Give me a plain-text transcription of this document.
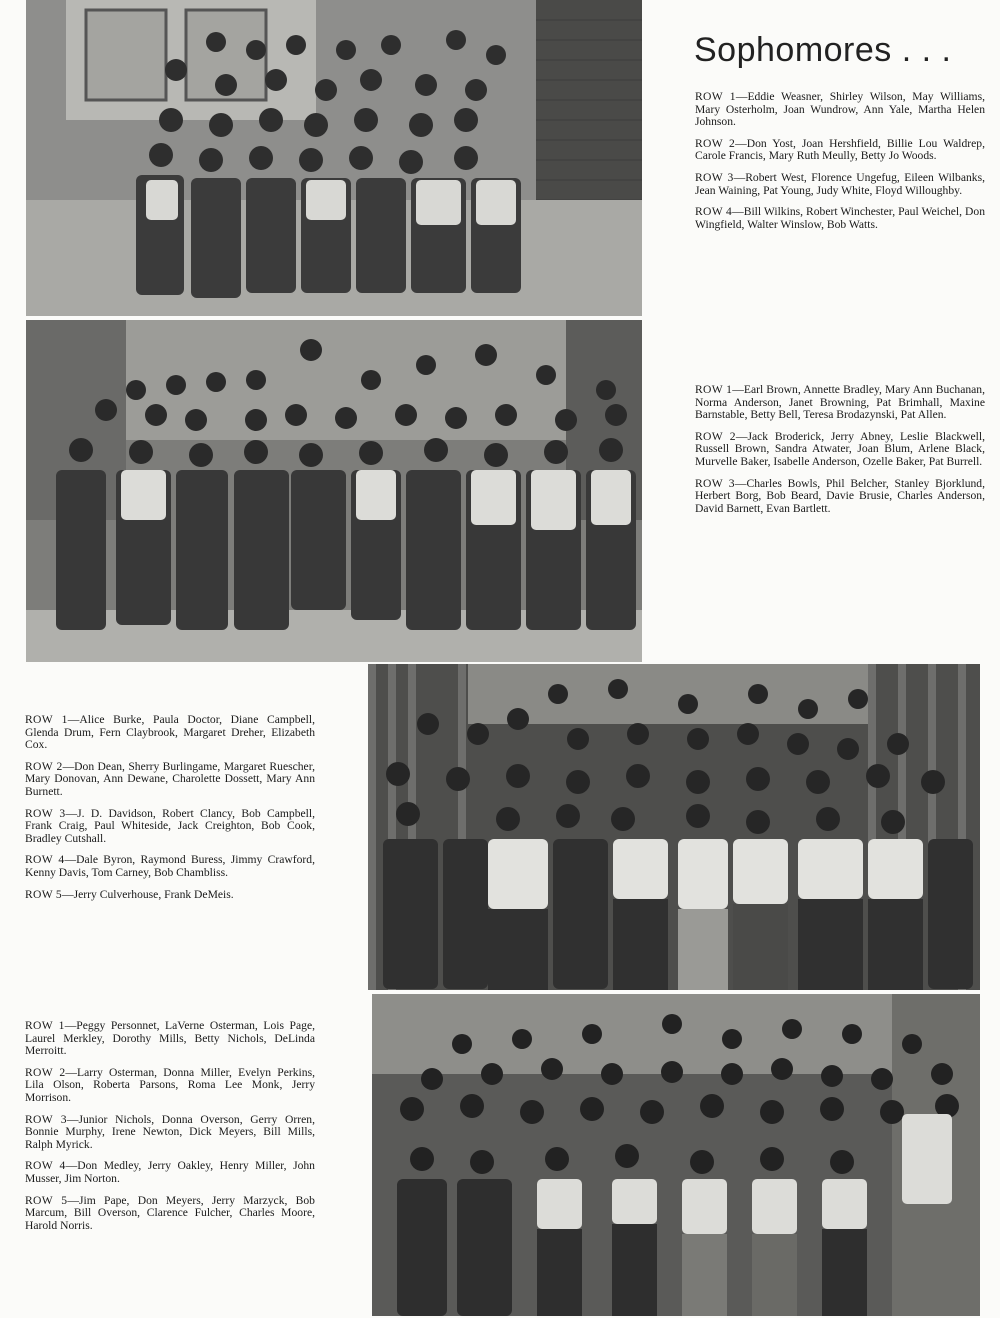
Sophomores . . .

ROW 1—Eddie Weasner, Shirley Wilson, May Williams, Mary Osterholm, Joan Wundrow, Ann Yale, Martha Helen Johnson.

ROW 2—Don Yost, Joan Hershfield, Billie Lou Waldrep, Carole Francis, Mary Ruth Meully, Betty Jo Woods.

ROW 3—Robert West, Florence Ungefug, Eileen Wilbanks, Jean Waining, Pat Young, Judy White, Floyd Willoughby.

ROW 4—Bill Wilkins, Robert Winchester, Paul Weichel, Don Wingfield, Walter Winslow, Bob Watts.

ROW 1—Earl Brown, Annette Bradley, Mary Ann Buchanan, Norma Anderson, Janet Browning, Pat Brimhall, Maxine Barnstable, Betty Bell, Teresa Brodazynski, Pat Allen.

ROW 2—Jack Broderick, Jerry Abney, Leslie Blackwell, Russell Brown, Sandra Atwater, Joan Blum, Arlene Black, Murvelle Baker, Isabelle Anderson, Ozelle Baker, Pat Burrell.

ROW 3—Charles Bowls, Phil Belcher, Stanley Bjorklund, Herbert Borg, Bob Beard, Davie Brusie, Charles Anderson, David Barnett, Evan Bartlett.

ROW 1—Alice Burke, Paula Doctor, Diane Campbell, Glenda Drum, Fern Claybrook, Margaret Dreher, Elizabeth Cox.

ROW 2—Don Dean, Sherry Burlingame, Margaret Ruescher, Mary Donovan, Ann Dewane, Charolette Dossett, Mary Ann Burnett.

ROW 3—J. D. Davidson, Robert Clancy, Bob Campbell, Frank Craig, Paul Whiteside, Jack Creighton, Bob Cook, Bradley Cutshall.

ROW 4—Dale Byron, Raymond Buress, Jimmy Crawford, Kenny Davis, Tom Carney, Bob Chambliss.

ROW 5—Jerry Culverhouse, Frank DeMeis.

ROW 1—Peggy Personnet, LaVerne Osterman, Lois Page, Laurel Merkley, Dorothy Mills, Betty Nichols, DeLinda Merroitt.

ROW 2—Larry Osterman, Donna Miller, Evelyn Perkins, Lila Olson, Roberta Parsons, Roma Lee Monk, Jerry Morrison.

ROW 3—Junior Nichols, Donna Overson, Gerry Orren, Bonnie Murphy, Irene Newton, Dick Meyers, Bill Mills, Ralph Myrick.

ROW 4—Don Medley, Jerry Oakley, Henry Miller, John Musser, Jim Norton.

ROW 5—Jim Pape, Don Meyers, Jerry Marzyck, Bob Marcum, Bill Overson, Clarence Fulcher, Charles Moore, Harold Norris.
